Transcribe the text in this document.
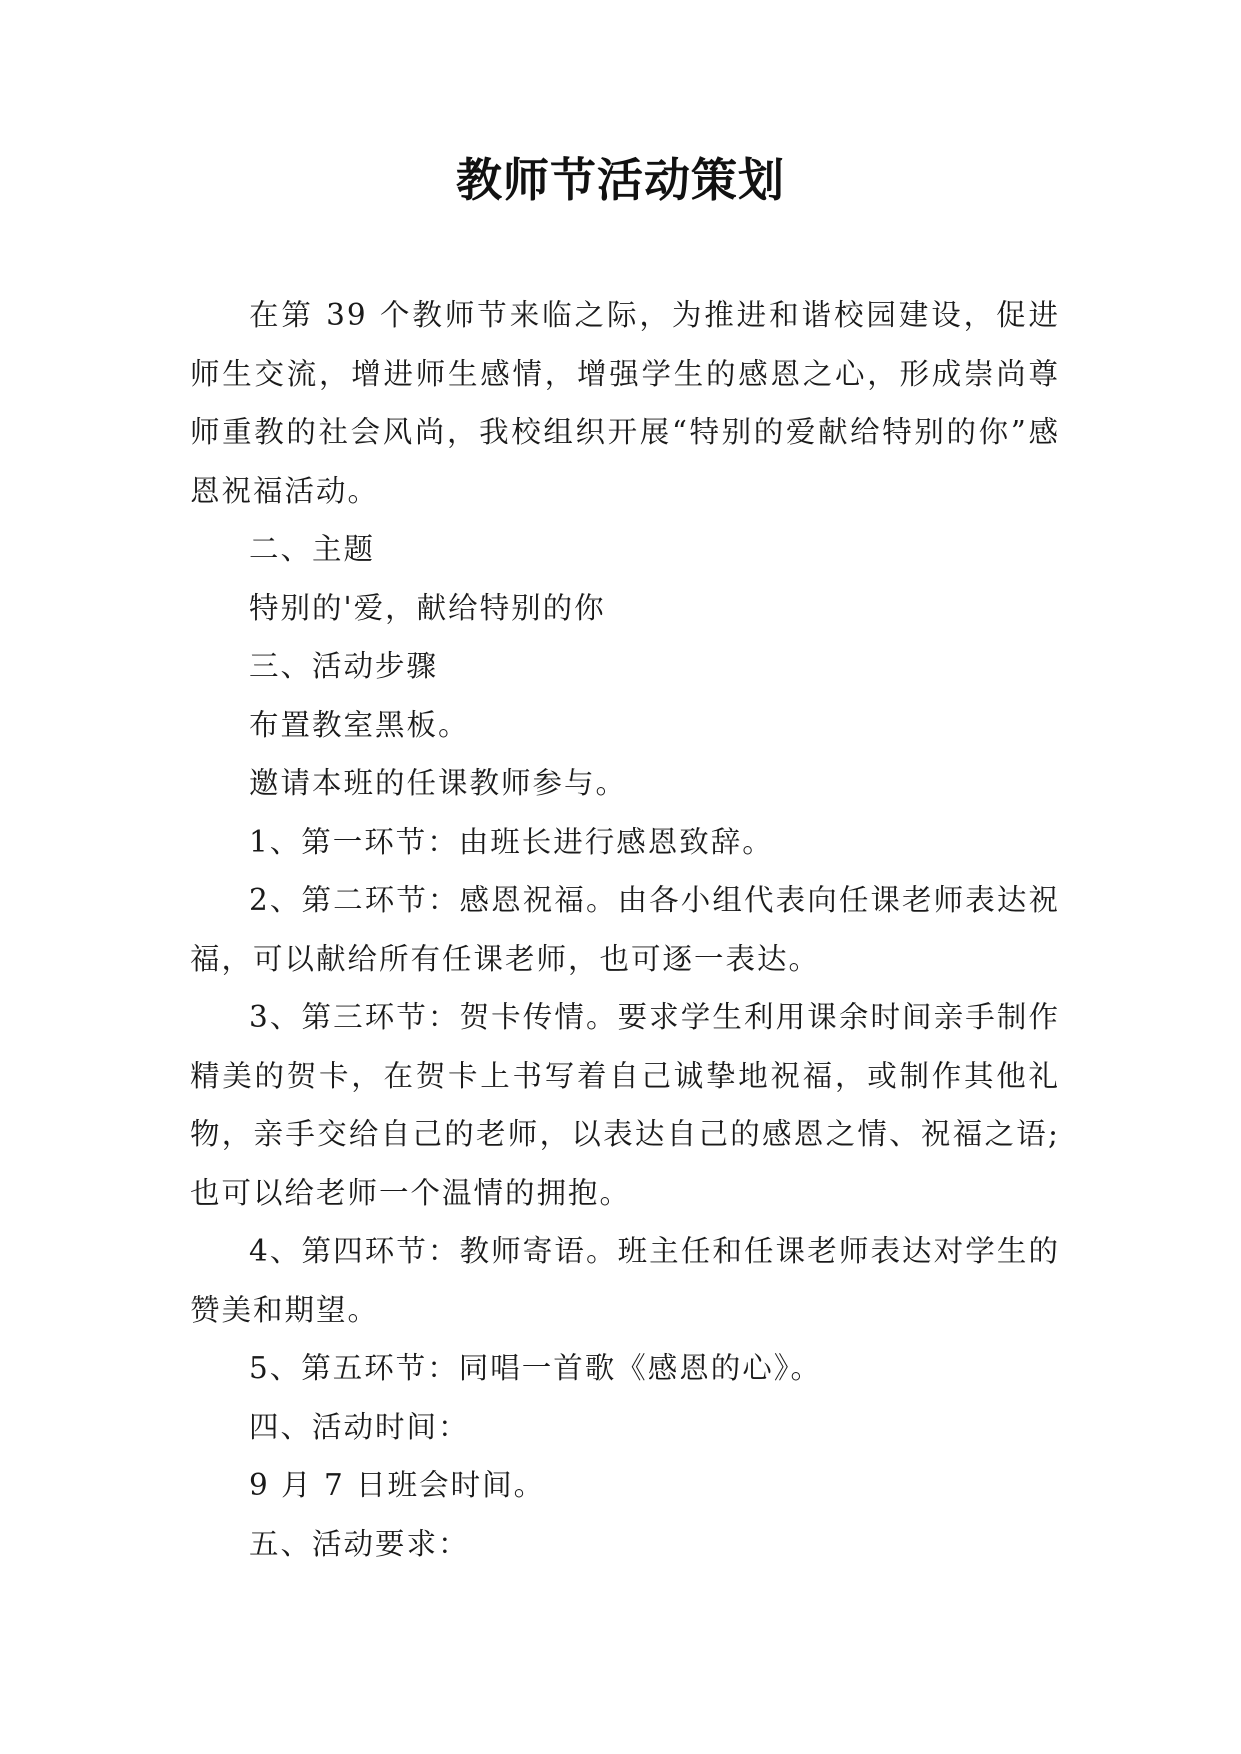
教师节活动策划

在第 39 个教师节来临之际，为推进和谐校园建设，促进师生交流，增进师生感情，增强学生的感恩之心，形成崇尚尊师重教的社会风尚，我校组织开展“特别的爱献给特别的你”感恩祝福活动。

二、主题

特别的'爱，献给特别的你

三、活动步骤

布置教室黑板。

邀请本班的任课教师参与。

1、第一环节：由班长进行感恩致辞。

2、第二环节：感恩祝福。由各小组代表向任课老师表达祝福，可以献给所有任课老师，也可逐一表达。

3、第三环节：贺卡传情。要求学生利用课余时间亲手制作精美的贺卡，在贺卡上书写着自己诚挚地祝福，或制作其他礼物，亲手交给自己的老师，以表达自己的感恩之情、祝福之语;也可以给老师一个温情的拥抱。

4、第四环节：教师寄语。班主任和任课老师表达对学生的赞美和期望。

5、第五环节：同唱一首歌《感恩的心》。

四、活动时间：

9 月 7 日班会时间。

五、活动要求：
